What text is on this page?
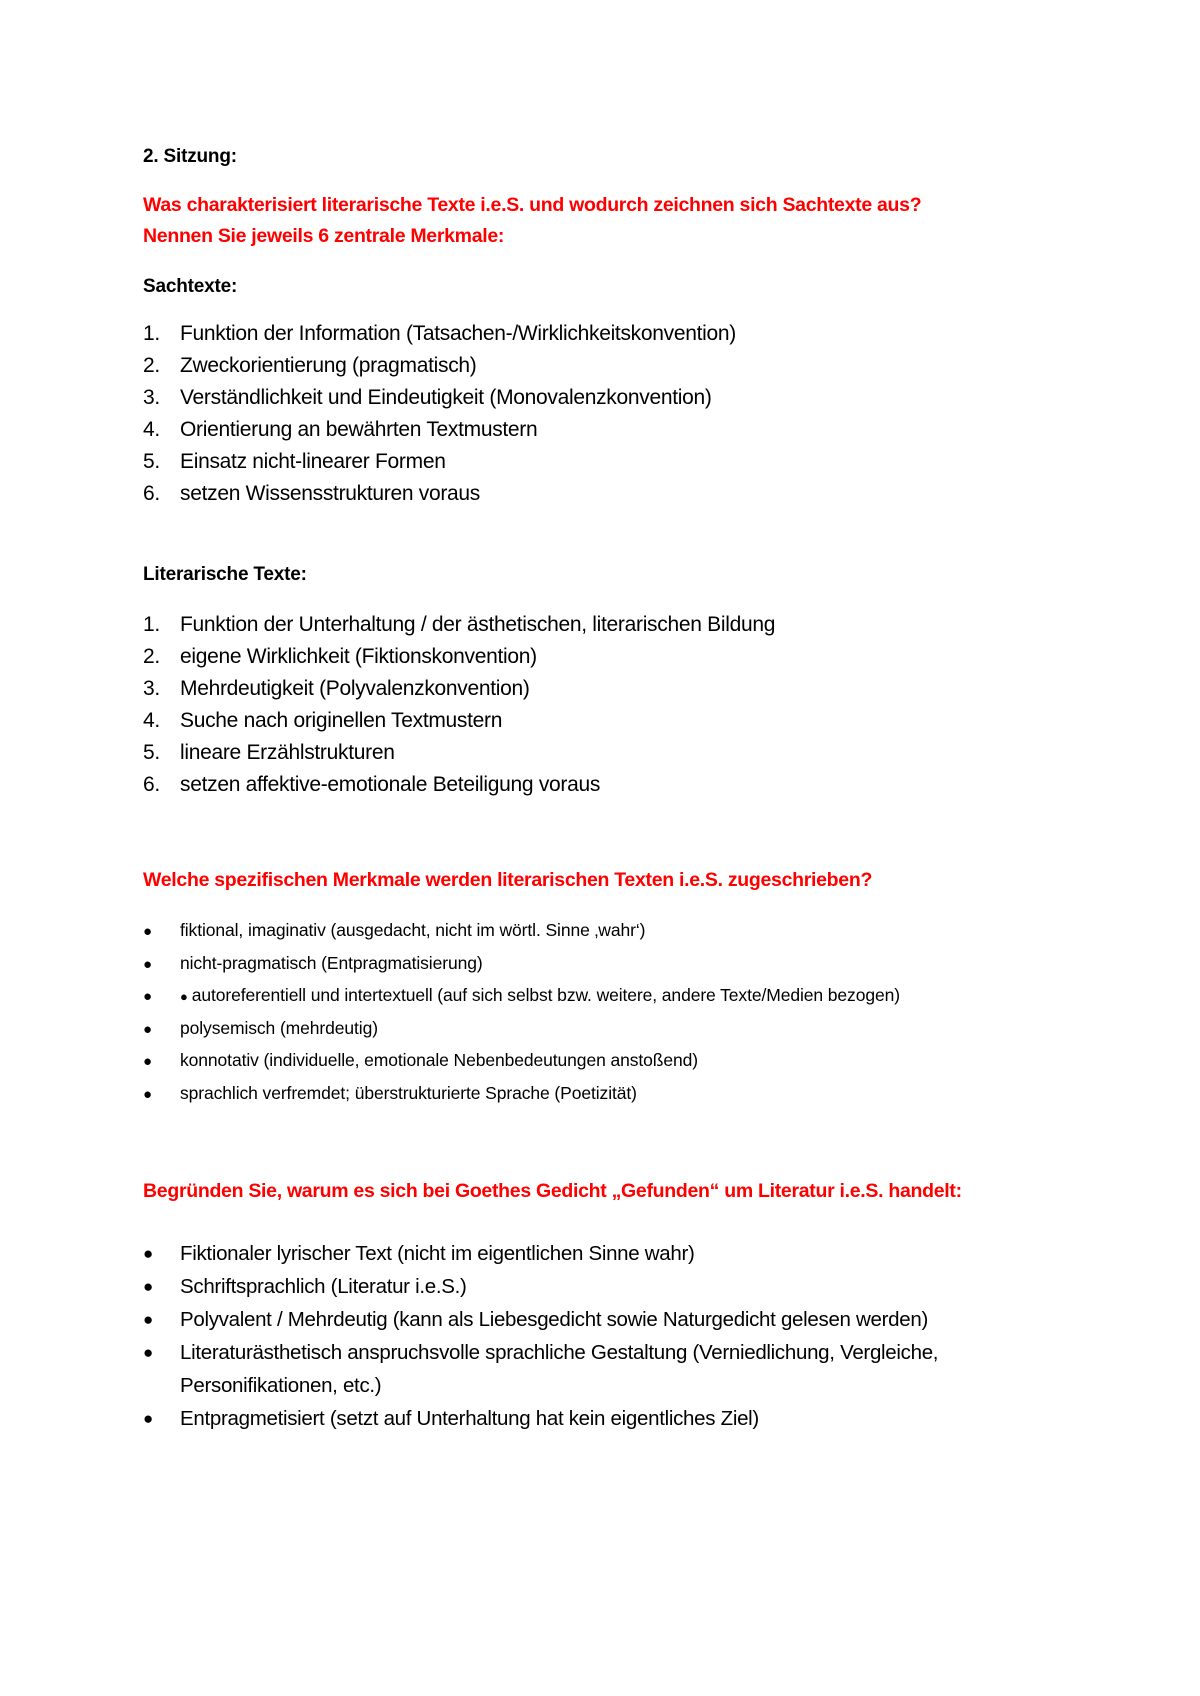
2. Sitzung:
Was charakterisiert literarische Texte i.e.S. und wodurch zeichnen sich Sachtexte aus?
Nennen Sie jeweils 6 zentrale Merkmale:
Sachtexte:
1. Funktion der Information (Tatsachen-/Wirklichkeitskonvention)
2. Zweckorientierung (pragmatisch)
3. Verständlichkeit und Eindeutigkeit (Monovalenzkonvention)
4. Orientierung an bewährten Textmustern
5. Einsatz nicht-linearer Formen
6. setzen Wissensstrukturen voraus
Literarische Texte:
1. Funktion der Unterhaltung / der ästhetischen, literarischen Bildung
2. eigene Wirklichkeit (Fiktionskonvention)
3. Mehrdeutigkeit (Polyvalenzkonvention)
4. Suche nach originellen Textmustern
5. lineare Erzählstrukturen
6. setzen affektive-emotionale Beteiligung voraus
Welche spezifischen Merkmale werden literarischen Texten i.e.S. zugeschrieben?
● fiktional, imaginativ (ausgedacht, nicht im wörtl. Sinne ‚wahr‘)
● nicht-pragmatisch (Entpragmatisierung)
● ● autoreferentiell und intertextuell (auf sich selbst bzw. weitere, andere Texte/Medien bezogen)
● polysemisch (mehrdeutig)
● konnotativ (individuelle, emotionale Nebenbedeutungen anstoßend)
● sprachlich verfremdet; überstrukturierte Sprache (Poetizität)
Begründen Sie, warum es sich bei Goethes Gedicht „Gefunden“ um Literatur i.e.S. handelt:
●	Fiktionaler lyrischer Text (nicht im eigentlichen Sinne wahr)
●	Schriftsprachlich (Literatur i.e.S.)
●	Polyvalent / Mehrdeutig (kann als Liebesgedicht sowie Naturgedicht gelesen werden)
●	Literaturästhetisch anspruchsvolle sprachliche Gestaltung (Verniedlichung, Vergleiche, Personifikationen, etc.)
●	Entpragmetisiert (setzt auf Unterhaltung hat kein eigentliches Ziel)
